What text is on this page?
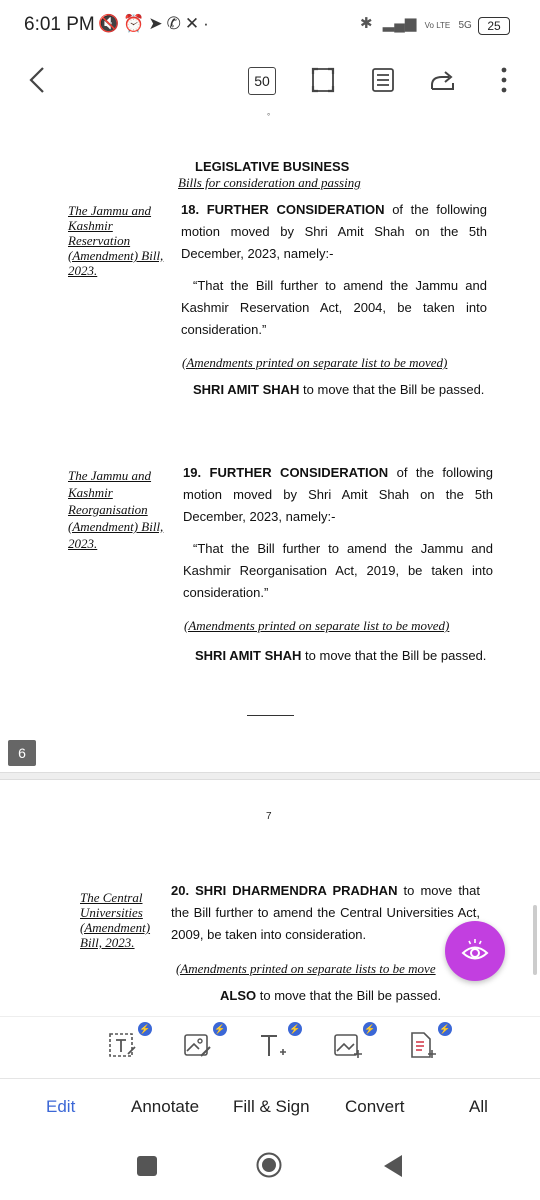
6:01 PM 🔇⏰➤✆✕·	✱ ▂▄▆ Vo LTE 5G	25
50
°
LEGISLATIVE BUSINESS
Bills for consideration and passing
The Jammu and Kashmir Reservation (Amendment) Bill, 2023.
18. FURTHER CONSIDERATION of the following motion moved by Shri Amit Shah on the 5th December, 2023, namely:-
“That the Bill further to amend the Jammu and Kashmir Reservation Act, 2004, be taken into consideration.”
(Amendments printed on separate list to be moved)
SHRI AMIT SHAH to move that the Bill be passed.
The Jammu and Kashmir Reorganisation (Amendment) Bill, 2023.
19. FURTHER CONSIDERATION of the following motion moved by Shri Amit Shah on the 5th December, 2023, namely:-
“That the Bill further to amend the Jammu and Kashmir Reorganisation Act, 2019, be taken into consideration.”
(Amendments printed on separate list to be moved)
SHRI AMIT SHAH to move that the Bill be passed.
6
7
The Central Universities (Amendment) Bill, 2023.
20. SHRI DHARMENDRA PRADHAN to move that the Bill further to amend the Central Universities Act, 2009, be taken into consideration.
(Amendments printed on separate lists to be move
ALSO to move that the Bill be passed.
⚡	⚡	⚡	⚡	⚡
Edit	Annotate Fill & Sign Convert	All
